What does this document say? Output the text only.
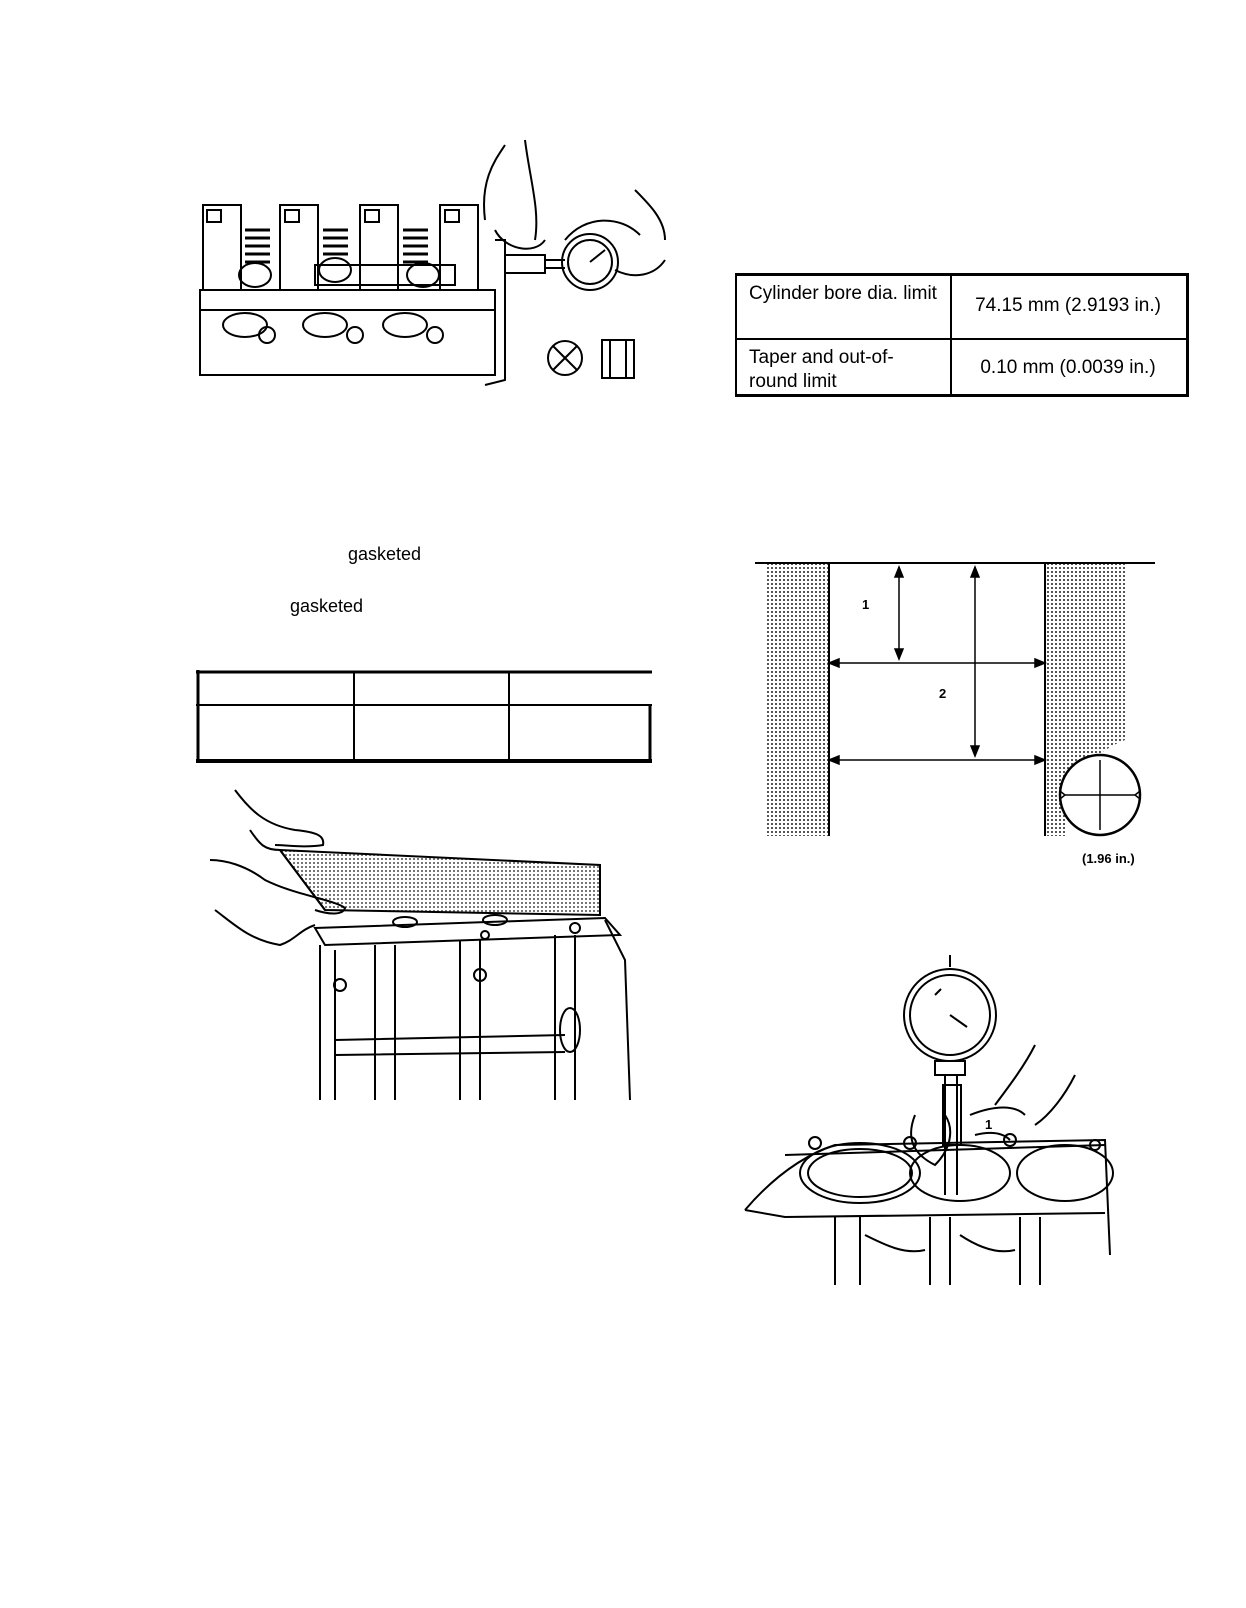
Cylinder bore dia. limit
74.15 mm (2.9193 in.)
Taper and out-of-round limit
0.10 mm (0.0039 in.)
gasketed
gasketed	1
2
(1.96 in.)
1
